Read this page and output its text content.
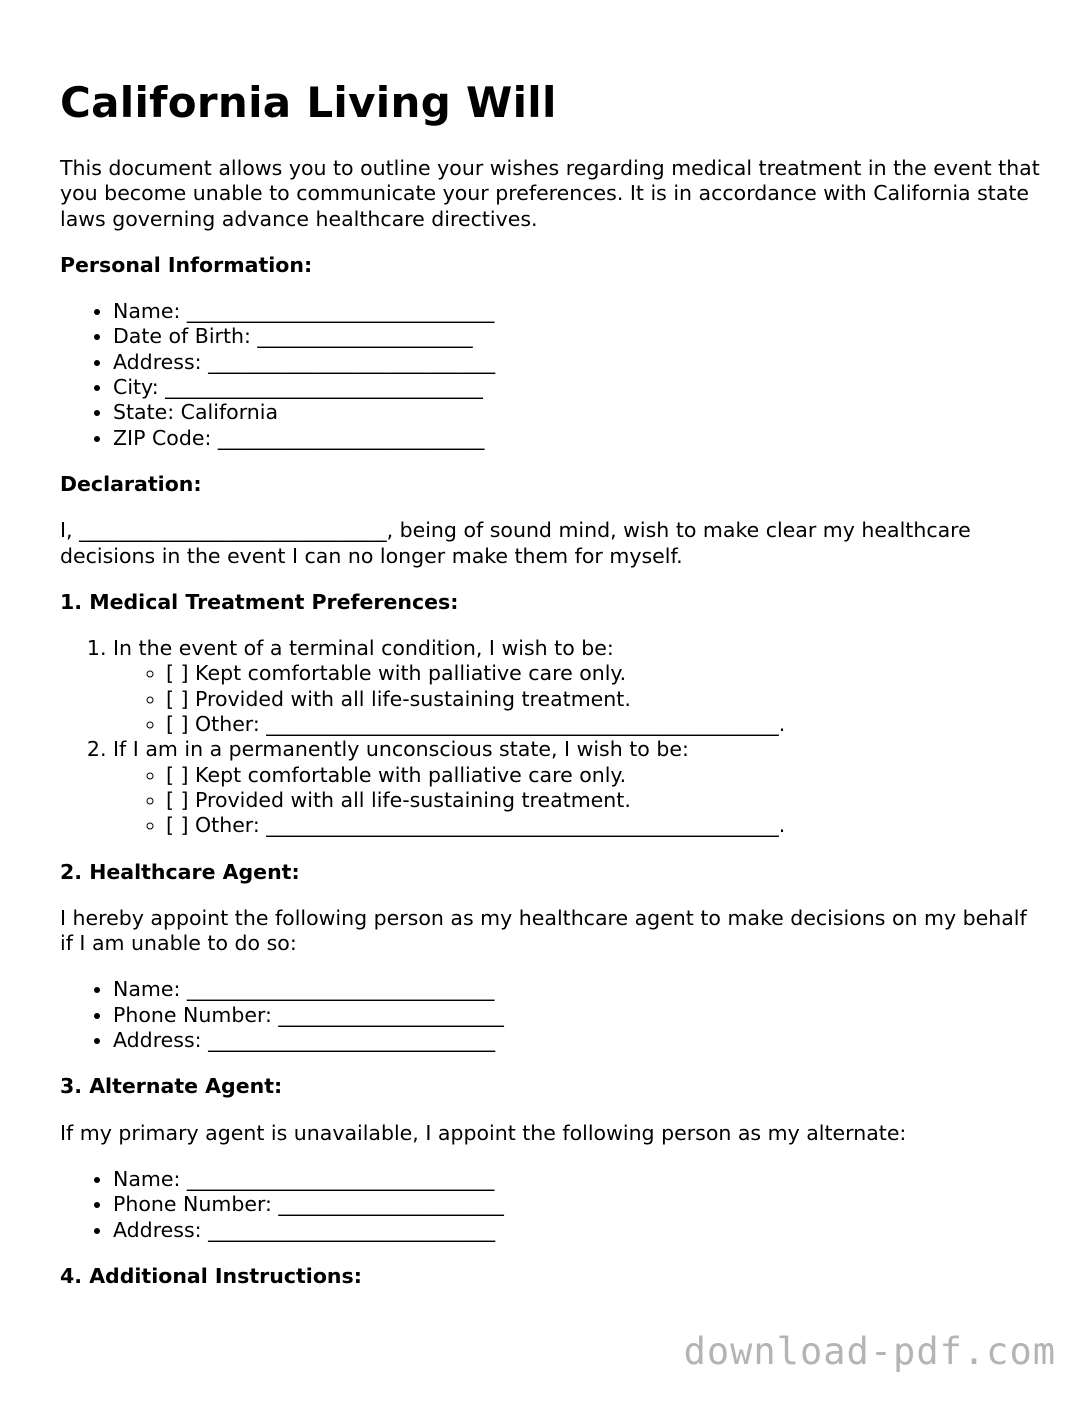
California Living Will

This document allows you to outline your wishes regarding medical treatment in the event that you become unable to communicate your preferences. It is in accordance with California state laws governing advance healthcare directives.

Personal Information:
• Name: ______________________________
• Date of Birth: _____________________
• Address: ____________________________
• City: _______________________________
• State: California
• ZIP Code: __________________________
Declaration:

I, ______________________________, being of sound mind, wish to make clear my healthcare decisions in the event I can no longer make them for myself.

1. Medical Treatment Preferences:
1. In the event of a terminal condition, I wish to be:
◦ [ ] Kept comfortable with palliative care only.
◦ [ ] Provided with all life-sustaining treatment.
◦ [ ] Other: __________________________________________________.
2. If I am in a permanently unconscious state, I wish to be:
◦ [ ] Kept comfortable with palliative care only.
◦ [ ] Provided with all life-sustaining treatment.
◦ [ ] Other: __________________________________________________.
2. Healthcare Agent:

I hereby appoint the following person as my healthcare agent to make decisions on my behalf if I am unable to do so:

• Name: ______________________________
• Phone Number: ______________________
• Address: ____________________________
3. Alternate Agent:

If my primary agent is unavailable, I appoint the following person as my alternate:

• Name: ______________________________
• Phone Number: ______________________
• Address: ____________________________
4. Additional Instructions:
download-pdf.com
